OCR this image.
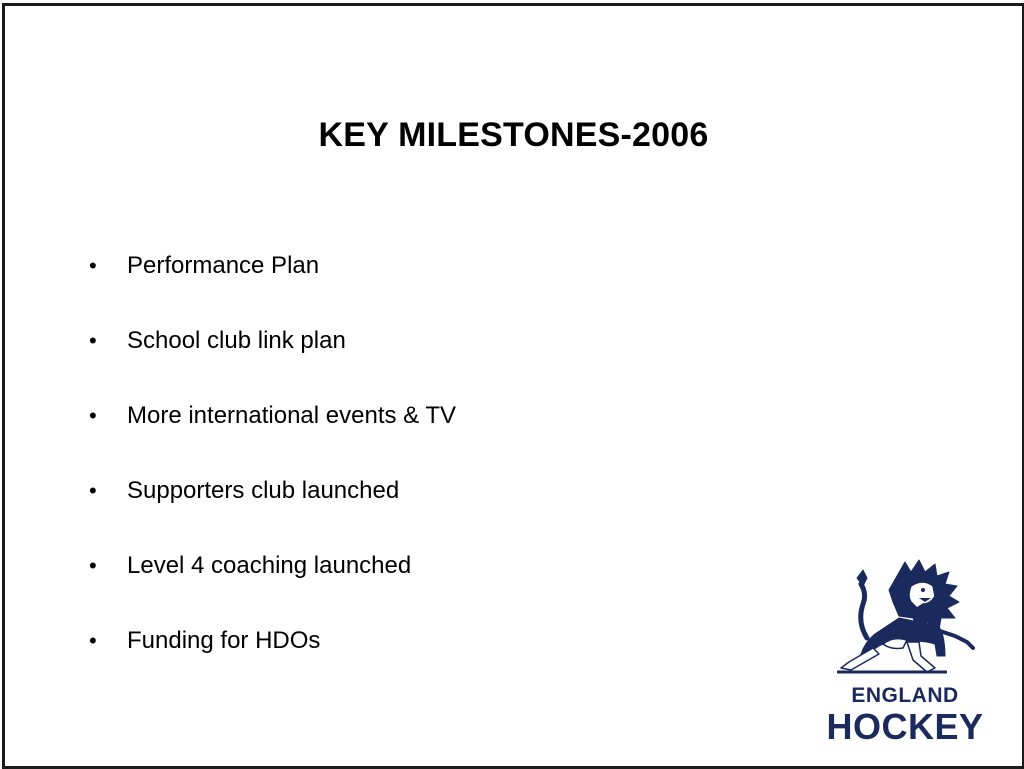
KEY MILESTONES-2006
•	Performance Plan
•	School club link plan
•	More international events & TV
•	Supporters club launched
•	Level 4 coaching launched
•	Funding for HDOs
ENGLAND
HOCKEY
